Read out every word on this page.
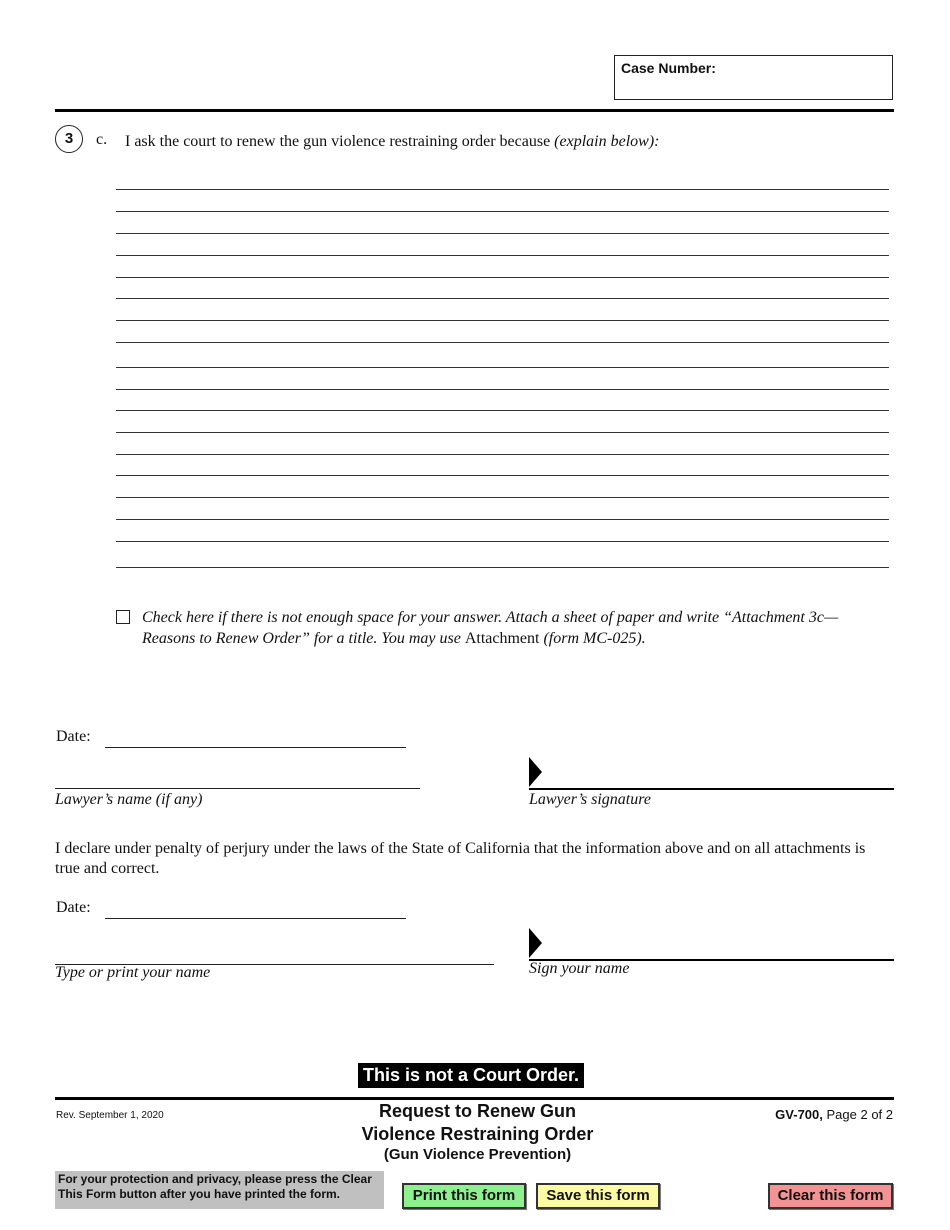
Case Number:
3	c. I ask the court to renew the gun violence restraining order because (explain below):
Check here if there is not enough space for your answer. Attach a sheet of paper and write “Attachment 3c—Reasons to Renew Order” for a title. You may use Attachment (form MC-025).
Date:
Lawyer’s name (if any)	Lawyer’s signature
I declare under penalty of perjury under the laws of the State of California that the information above and on all attachments is true and correct.
Date:
Type or print your name	Sign your name
This is not a Court Order.
Rev. September 1, 2020	Request to Renew Gun
Violence Restraining Order
(Gun Violence Prevention)
GV-700, Page 2 of 2
For your protection and privacy, please press the Clear This Form button after you have printed the form.	Print this form	Save this form	Clear this form
